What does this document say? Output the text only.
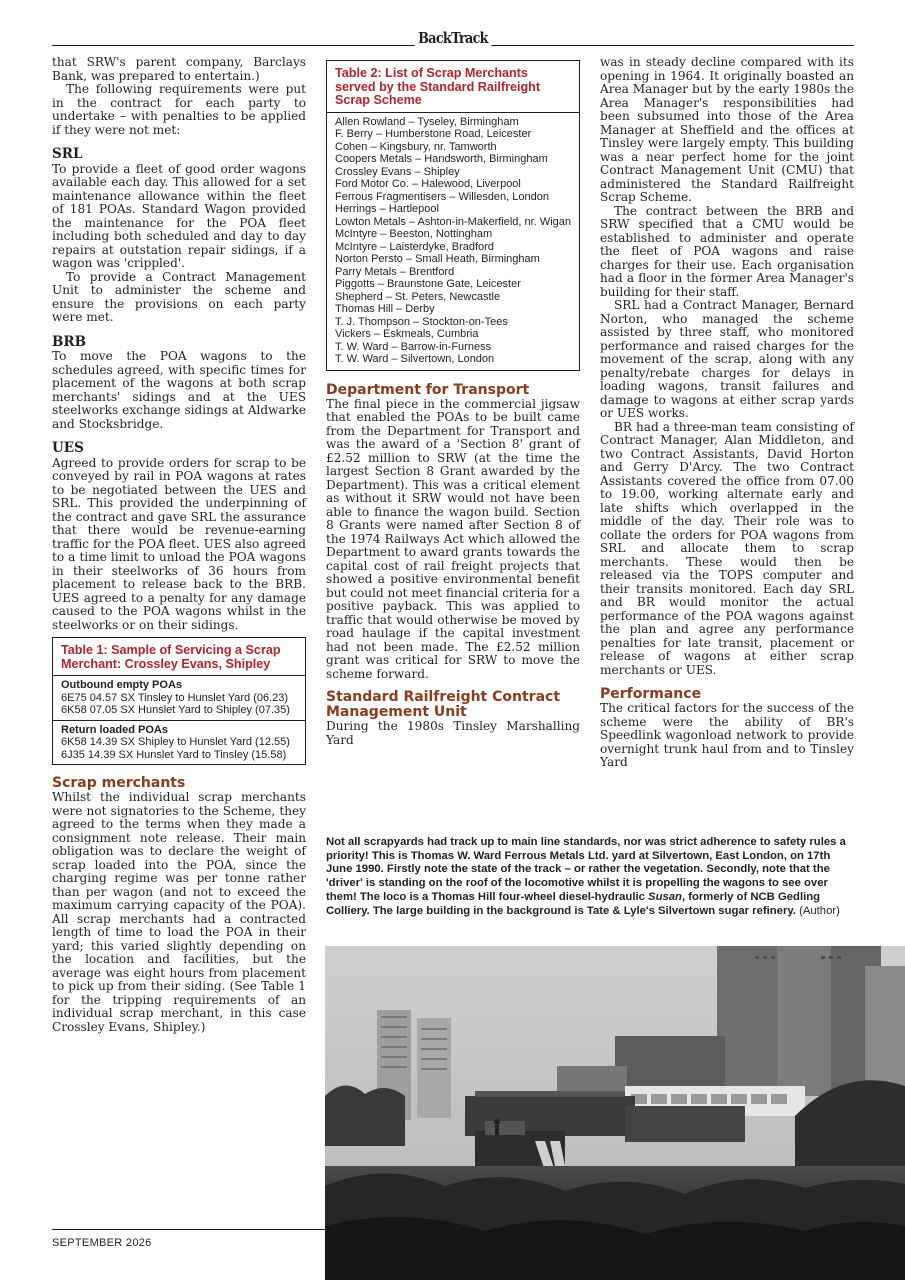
BackTrack

that SRW's parent company, Barclays Bank, was prepared to entertain.)

The following requirements were put in the contract for each party to undertake – with penalties to be applied if they were not met:

SRL

To provide a fleet of good order wagons available each day. This allowed for a set maintenance allowance within the fleet of 181 POAs. Standard Wagon provided the maintenance for the POA fleet including both scheduled and day to day repairs at outstation repair sidings, if a wagon was 'crippled'.

To provide a Contract Management Unit to administer the scheme and ensure the provisions on each party were met.

BRB

To move the POA wagons to the schedules agreed, with specific times for placement of the wagons at both scrap merchants' sidings and at the UES steelworks exchange sidings at Aldwarke and Stocksbridge.

UES

Agreed to provide orders for scrap to be conveyed by rail in POA wagons at rates to be negotiated between the UES and SRL. This provided the underpinning of the contract and gave SRL the assurance that there would be revenue-earning traffic for the POA fleet. UES also agreed to a time limit to unload the POA wagons in their steelworks of 36 hours from placement to release back to the BRB. UES agreed to a penalty for any damage caused to the POA wagons whilst in the steelworks or on their sidings.

Table 1: Sample of Servicing a Scrap Merchant: Crossley Evans, Shipley
Outbound empty POAs
6E75 04.57 SX Tinsley to Hunslet Yard (06.23)
6K58 07.05 SX Hunslet Yard to Shipley (07.35)
Return loaded POAs
6K58 14.39 SX Shipley to Hunslet Yard (12.55)
6J35 14.39 SX Hunslet Yard to Tinsley (15.58)
Scrap merchants

Whilst the individual scrap merchants were not signatories to the Scheme, they agreed to the terms when they made a consignment note release. Their main obligation was to declare the weight of scrap loaded into the POA, since the charging regime was per tonne rather than per wagon (and not to exceed the maximum carrying capacity of the POA). All scrap merchants had a contracted length of time to load the POA in their yard; this varied slightly depending on the location and facilities, but the average was eight hours from placement to pick up from their siding. (See Table 1 for the tripping requirements of an individual scrap merchant, in this case Crossley Evans, Shipley.)

Table 2: List of Scrap Merchants served by the Standard Railfreight Scrap Scheme
Allen Rowland – Tyseley, Birmingham
F. Berry – Humberstone Road, Leicester
Cohen – Kingsbury, nr. Tamworth
Coopers Metals – Handsworth, Birmingham
Crossley Evans – Shipley
Ford Motor Co. – Halewood, Liverpool
Ferrous Fragmentisers – Willesden, London
Herrings – Hartlepool
Lowton Metals – Ashton-in-Makerfield, nr. Wigan
McIntyre – Beeston, Nottingham
McIntyre – Laisterdyke, Bradford
Norton Persto – Small Heath, Birmingham
Parry Metals – Brentford
Piggotts – Braunstone Gate, Leicester
Shepherd – St. Peters, Newcastle
Thomas Hill – Derby
T. J. Thompson – Stockton-on-Tees
Vickers – Eskmeals, Cumbria
T. W. Ward – Barrow-in-Furness
T. W. Ward – Silvertown, London
Department for Transport

The final piece in the commercial jigsaw that enabled the POAs to be built came from the Department for Transport and was the award of a 'Section 8' grant of £2.52 million to SRW (at the time the largest Section 8 Grant awarded by the Department). This was a critical element as without it SRW would not have been able to finance the wagon build. Section 8 Grants were named after Section 8 of the 1974 Railways Act which allowed the Department to award grants towards the capital cost of rail freight projects that showed a positive environmental benefit but could not meet financial criteria for a positive payback. This was applied to traffic that would otherwise be moved by road haulage if the capital investment had not been made. The £2.52 million grant was critical for SRW to move the scheme forward.

Standard Railfreight Contract Management Unit

During the 1980s Tinsley Marshalling Yard

was in steady decline compared with its opening in 1964. It originally boasted an Area Manager but by the early 1980s the Area Manager's responsibilities had been subsumed into those of the Area Manager at Sheffield and the offices at Tinsley were largely empty. This building was a near perfect home for the joint Contract Management Unit (CMU) that administered the Standard Railfreight Scrap Scheme.

The contract between the BRB and SRW specified that a CMU would be established to administer and operate the fleet of POA wagons and raise charges for their use. Each organisation had a floor in the former Area Manager's building for their staff.

SRL had a Contract Manager, Bernard Norton, who managed the scheme assisted by three staff, who monitored performance and raised charges for the movement of the scrap, along with any penalty/rebate charges for delays in loading wagons, transit failures and damage to wagons at either scrap yards or UES works.

BR had a three-man team consisting of Contract Manager, Alan Middleton, and two Contract Assistants, David Horton and Gerry D'Arcy. The two Contract Assistants covered the office from 07.00 to 19.00, working alternate early and late shifts which overlapped in the middle of the day. Their role was to collate the orders for POA wagons from SRL and allocate them to scrap merchants. These would then be released via the TOPS computer and their transits monitored. Each day SRL and BR would monitor the actual performance of the POA wagons against the plan and agree any performance penalties for late transit, placement or release of wagons at either scrap merchants or UES.

Performance

The critical factors for the success of the scheme were the ability of BR's Speedlink wagonload network to provide overnight trunk haul from and to Tinsley Yard

Not all scrapyards had track up to main line standards, nor was strict adherence to safety rules a priority! This is Thomas W. Ward Ferrous Metals Ltd. yard at Silvertown, East London, on 17th June 1990. Firstly note the state of the track – or rather the vegetation. Secondly, note that the 'driver' is standing on the roof of the locomotive whilst it is propelling the wagons to see over them! The loco is a Thomas Hill four-wheel diesel-hydraulic Susan, formerly of NCB Gedling Colliery. The large building in the background is Tate & Lyle's Silvertown sugar refinery. (Author)
SEPTEMBER 2026
